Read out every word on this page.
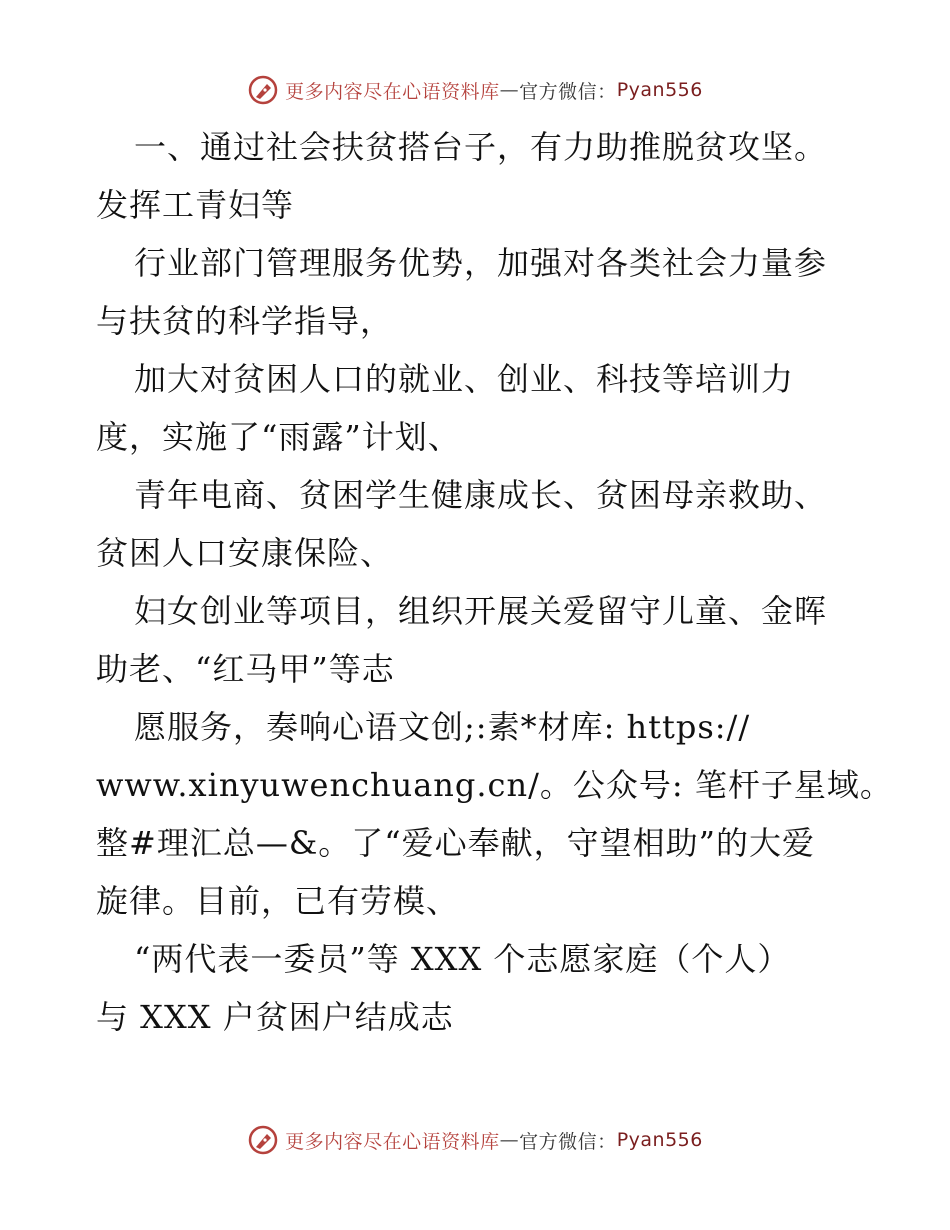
更多内容尽在心语资料库 — 官方微信： Pyan556
一、通过社会扶贫搭台子，有力助推脱贫攻坚。
发挥工青妇等
行业部门管理服务优势，加强对各类社会力量参
与扶贫的科学指导，
加大对贫困人口的就业、创业、科技等培训力
度，实施了“雨露”计划、
青年电商、贫困学生健康成长、贫困母亲救助、
贫困人口安康保险、
妇女创业等项目，组织开展关爱留守儿童、金晖
助老、“红马甲”等志
愿服务，奏响心语文创;:素*材库: https://
www.xinyuwenchuang.cn/。公众号: 笔杆子星域。
整#理汇总—&。了“爱心奉献，守望相助”的大爱
旋律。目前，已有劳模、
“两代表一委员”等 XXX 个志愿家庭（个人）
与 XXX 户贫困户结成志
更多内容尽在心语资料库 — 官方微信： Pyan556
